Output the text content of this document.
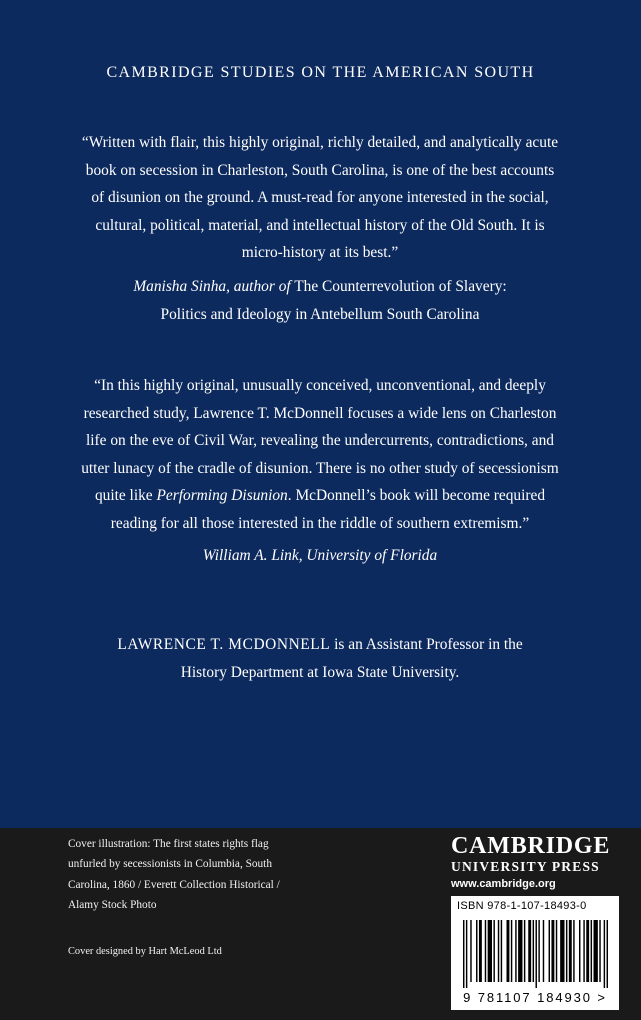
CAMBRIDGE STUDIES ON THE AMERICAN SOUTH
“Written with flair, this highly original, richly detailed, and analytically acute
book on secession in Charleston, South Carolina, is one of the best accounts
of disunion on the ground. A must-read for anyone interested in the social,
cultural, political, material, and intellectual history of the Old South. It is
micro-history at its best.”
Manisha Sinha, author of The Counterrevolution of Slavery:
Politics and Ideology in Antebellum South Carolina
“In this highly original, unusually conceived, unconventional, and deeply
researched study, Lawrence T. McDonnell focuses a wide lens on Charleston
life on the eve of Civil War, revealing the undercurrents, contradictions, and
utter lunacy of the cradle of disunion. There is no other study of secessionism
quite like Performing Disunion. McDonnell’s book will become required
reading for all those interested in the riddle of southern extremism.”
William A. Link, University of Florida
LAWRENCE T. MCDONNELL is an Assistant Professor in the
History Department at Iowa State University.
Cover illustration: The first states rights flag
unfurled by secessionists in Columbia, South
Carolina, 1860 / Everett Collection Historical /
Alamy Stock Photo
Cover designed by Hart McLeod Ltd
CAMBRIDGE
UNIVERSITY PRESS
www.cambridge.org
ISBN 978-1-107-18493-0
9 781107 184930 >
